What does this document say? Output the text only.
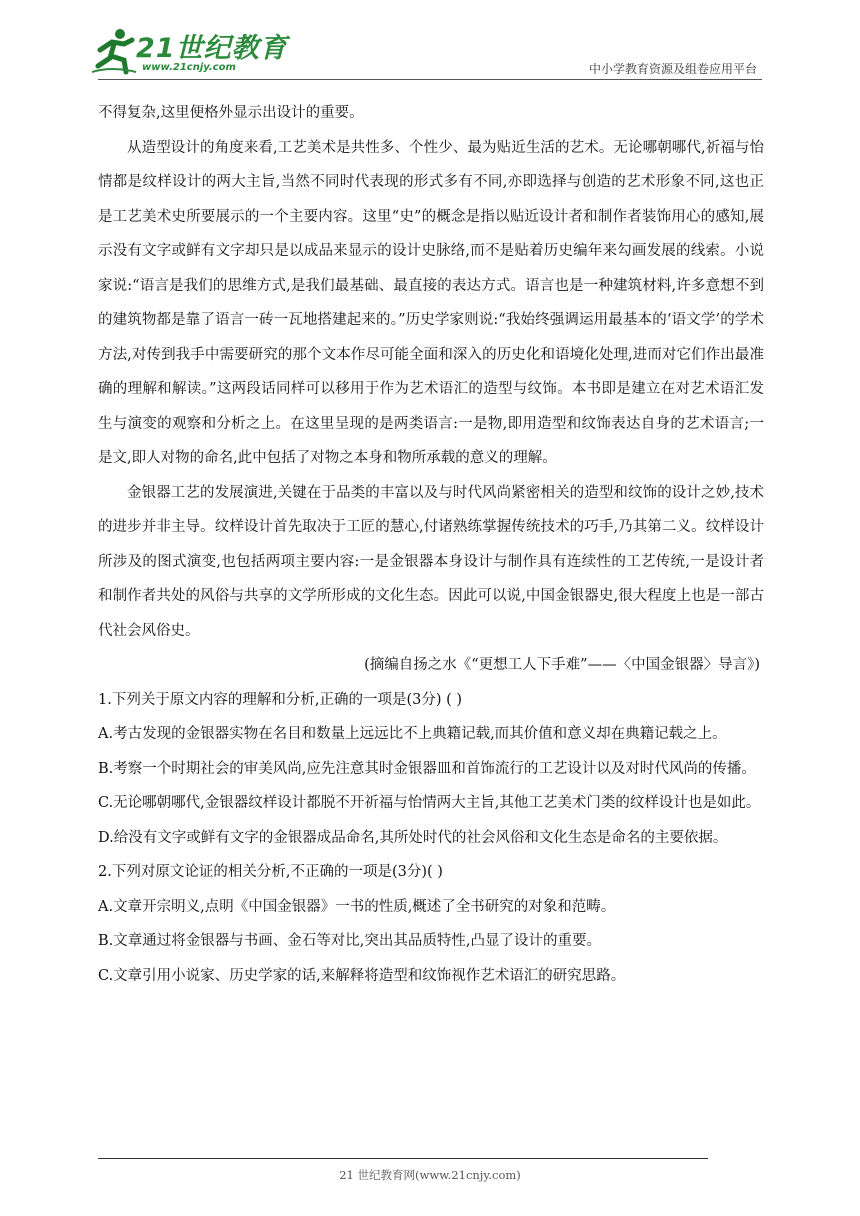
21世纪教育
www.21cnjy.com	中小学教育资源及组卷应用平台

不得复杂,这里便格外显示出设计的重要。

从造型设计的角度来看,工艺美术是共性多、个性少、最为贴近生活的艺术。无论哪朝哪代,祈福与怡情都是纹样设计的两大主旨,当然不同时代表现的形式多有不同,亦即选择与创造的艺术形象不同,这也正是工艺美术史所要展示的一个主要内容。这里“史”的概念是指以贴近设计者和制作者装饰用心的感知,展示没有文字或鲜有文字却只是以成品来显示的设计史脉络,而不是贴着历史编年来勾画发展的线索。小说家说:“语言是我们的思维方式,是我们最基础、最直接的表达方式。语言也是一种建筑材料,许多意想不到的建筑物都是靠了语言一砖一瓦地搭建起来的。”历史学家则说:“我始终强调运用最基本的‘语文学’的学术方法,对传到我手中需要研究的那个文本作尽可能全面和深入的历史化和语境化处理,进而对它们作出最准确的理解和解读。”这两段话同样可以移用于作为艺术语汇的造型与纹饰。本书即是建立在对艺术语汇发生与演变的观察和分析之上。在这里呈现的是两类语言:一是物,即用造型和纹饰表达自身的艺术语言;一是文,即人对物的命名,此中包括了对物之本身和物所承载的意义的理解。

金银器工艺的发展演进,关键在于品类的丰富以及与时代风尚紧密相关的造型和纹饰的设计之妙,技术的进步并非主导。纹样设计首先取决于工匠的慧心,付诸熟练掌握传统技术的巧手,乃其第二义。纹样设计所涉及的图式演变,也包括两项主要内容:一是金银器本身设计与制作具有连续性的工艺传统,一是设计者和制作者共处的风俗与共享的文学所形成的文化生态。因此可以说,中国金银器史,很大程度上也是一部古代社会风俗史。

(摘编自扬之水《“更想工人下手难”——〈中国金银器〉导言》)

1.下列关于原文内容的理解和分析,正确的一项是(3分) ( )

A.考古发现的金银器实物在名目和数量上远远比不上典籍记载,而其价值和意义却在典籍记载之上。

B.考察一个时期社会的审美风尚,应先注意其时金银器皿和首饰流行的工艺设计以及对时代风尚的传播。

C.无论哪朝哪代,金银器纹样设计都脱不开祈福与怡情两大主旨,其他工艺美术门类的纹样设计也是如此。

D.给没有文字或鲜有文字的金银器成品命名,其所处时代的社会风俗和文化生态是命名的主要依据。

2.下列对原文论证的相关分析,不正确的一项是(3分)( )

A.文章开宗明义,点明《中国金银器》一书的性质,概述了全书研究的对象和范畴。

B.文章通过将金银器与书画、金石等对比,突出其品质特性,凸显了设计的重要。

C.文章引用小说家、历史学家的话,来解释将造型和纹饰视作艺术语汇的研究思路。

21 世纪教育网(www.21cnjy.com)
